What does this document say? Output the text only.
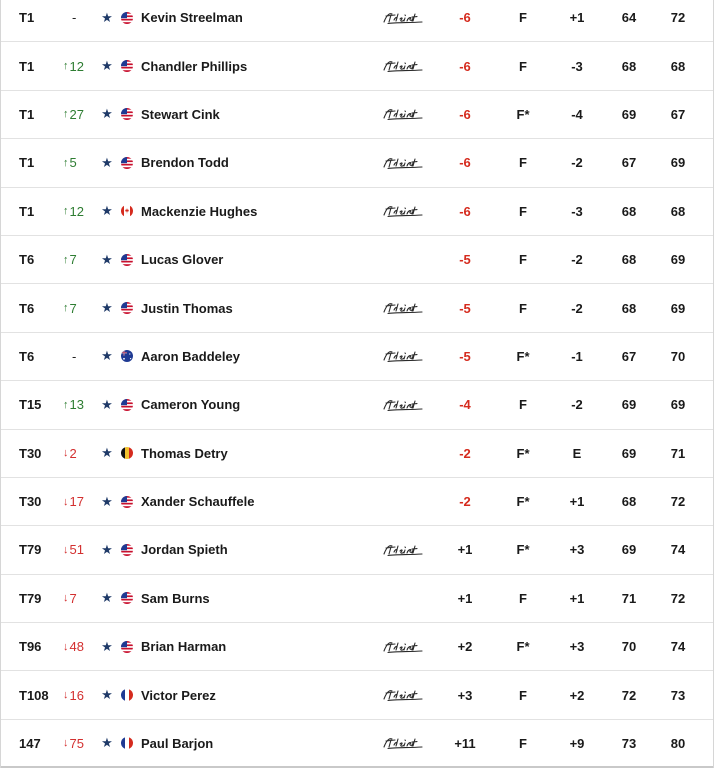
T1	- ★ Kevin Streelman	-6	F	+1	64	72
T1	↑ 12 ★ Chandler Phillips	-6	F	-3	68	68
T1	↑ 27 ★ Stewart Cink	-6	F*	-4	69	67
T1	↑ 5 ★ Brendon Todd	-6	F	-2	67	69
T1	↑ 12 ★ Mackenzie Hughes	-6	F	-3	68	68
T6	↑ 7 ★ Lucas Glover	-5	F	-2	68	69
T6	↑ 7 ★ Justin Thomas	-5	F	-2	68	69
T6	- ★ Aaron Baddeley	-5	F*	-1	67	70
T15	↑ 13 ★ Cameron Young	-4	F	-2	69	69
T30	↓ 2 ★ Thomas Detry	-2	F*	E	69	71
T30	↓ 17 ★ Xander Schauffele	-2	F*	+1	68	72
T79	↓ 51 ★ Jordan Spieth	+1	F*	+3	69	74
T79	↓ 7 ★ Sam Burns	+1	F	+1	71	72
T96	↓ 48 ★ Brian Harman	+2	F*	+3	70	74
T108	↓ 16 ★ Victor Perez	+3	F	+2	72	73
147	↓ 75 ★ Paul Barjon	+11	F	+9	73	80
